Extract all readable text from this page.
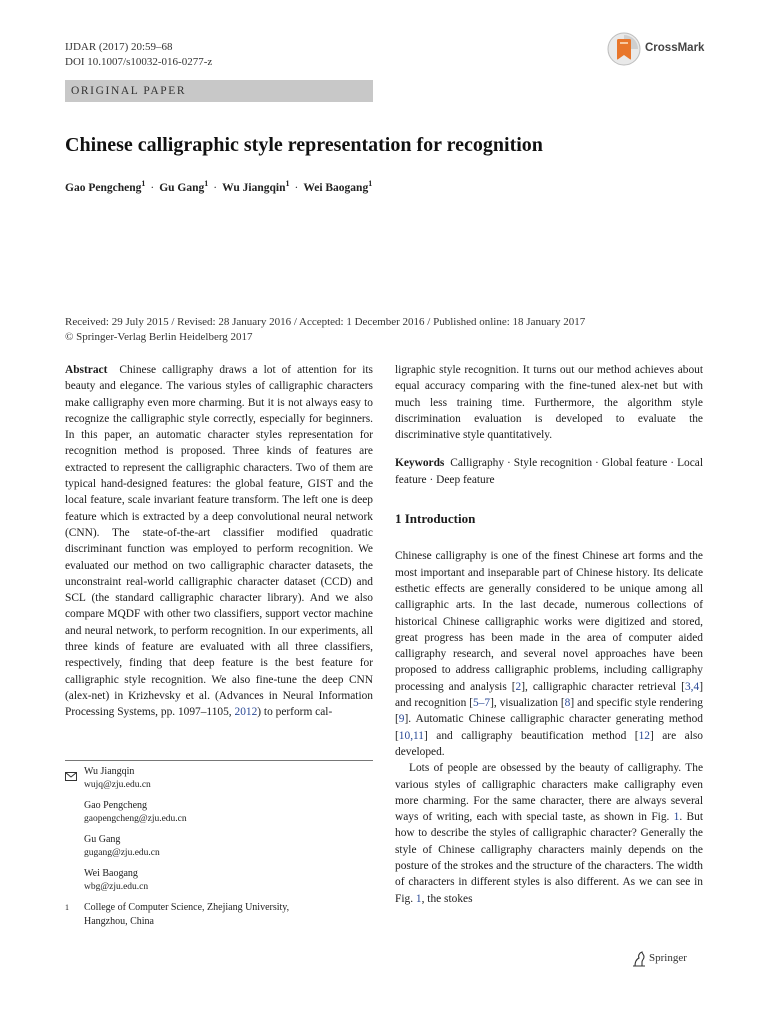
IJDAR (2017) 20:59–68
DOI 10.1007/s10032-016-0277-z
CrossMark
ORIGINAL PAPER
Chinese calligraphic style representation for recognition
Gao Pengcheng$^1$ · Gu Gang$^1$ · Wu Jiangqin$^1$ · Wei Baogang$^1$
Received: 29 July 2015 / Revised: 28 January 2016 / Accepted: 1 December 2016 / Published online: 18 January 2017
© Springer-Verlag Berlin Heidelberg 2017

Abstract Chinese calligraphy draws a lot of attention for its beauty and elegance. The various styles of calligraphic characters make calligraphy even more charming. But it is not always easy to recognize the calligraphic style correctly, especially for beginners. In this paper, an automatic character styles representation for recognition method is proposed. Three kinds of features are extracted to represent the calligraphic characters. Two of them are typical hand-designed features: the global feature, GIST and the local feature, scale invariant feature transform. The left one is deep feature which is extracted by a deep convolutional neural network (CNN). The state-of-the-art classifier modified quadratic discriminant function was employed to perform recognition. We evaluated our method on two calligraphic character datasets, the unconstraint real-world calligraphic character dataset (CCD) and SCL (the standard calligraphic character library). And we also compare MQDF with other two classifiers, support vector machine and neural network, to perform recognition. In our experiments, all three kinds of feature are evaluated with all three classifiers, respectively, finding that deep feature is the best feature for calligraphic style recognition. We also fine-tune the deep CNN (alex-net) in Krizhevsky et al. (Advances in Neural Information Processing Systems, pp. 1097–1105, 2012) to perform cal-

Wu Jiangqin
wujq@zju.edu.cn
Gao Pengcheng
gaopengcheng@zju.edu.cn
Gu Gang
gugang@zju.edu.cn
Wei Baogang
wbg@zju.edu.cn
1 College of Computer Science, Zhejiang University,
Hangzhou, China

ligraphic style recognition. It turns out our method achieves about equal accuracy comparing with the fine-tuned alex-net but with much less training time. Furthermore, the algorithm style discrimination evaluation is developed to evaluate the discriminative style quantitatively.

Keywords Calligraphy · Style recognition · Global feature · Local feature · Deep feature

1 Introduction

Chinese calligraphy is one of the finest Chinese art forms and the most important and inseparable part of Chinese history. Its delicate esthetic effects are generally considered to be unique among all calligraphic arts. In the last decade, numerous collections of historical Chinese calligraphic works were digitized and stored, great progress has been made in the area of computer aided calligraphy research, and several novel approaches have been proposed to address calligraphic problems, including calligraphy processing and analysis [2], calligraphic character retrieval [3,4] and recognition [5–7], visualization [8] and specific style rendering [9]. Automatic Chinese calligraphic character generating method [10,11] and calligraphy beautification method [12] are also developed.

Lots of people are obsessed by the beauty of calligraphy. The various styles of calligraphic characters make calligraphy even more charming. For the same character, there are always several ways of writing, each with special taste, as shown in Fig. 1. But how to describe the styles of calligraphic character? Generally the style of Chinese calligraphy characters mainly depends on the posture of the strokes and the structure of the characters. The width of characters in different styles is also different. As we can see in Fig. 1, the stokes

Springer
